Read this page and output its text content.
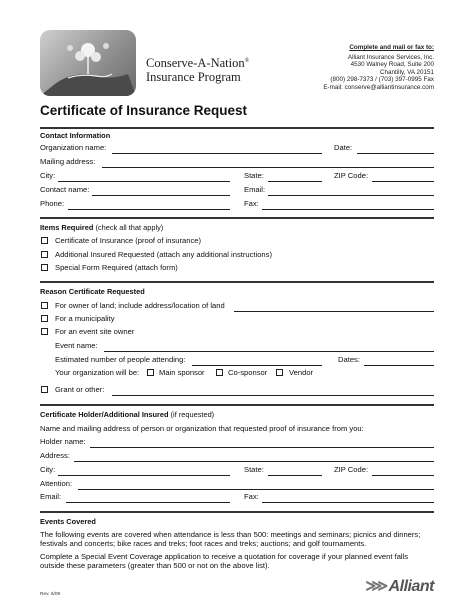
Conserve-A-Nation®
Insurance Program
Complete and mail or fax to:
Alliant Insurance Services, Inc.
4530 Walney Road, Suite 200
Chantilly, VA 20151
(800) 298-7373 / (703) 397-0995 Fax
E-mail: conserve@alliantinsurance.com
Certificate of Insurance Request
Contact Information
Organization name:	Date:
Mailing address:
City:	State:	ZIP Code:
Contact name:	Email:
Phone:	Fax:
Items Required (check all that apply)
Certificate of Insurance (proof of insurance)
Additional Insured Requested (attach any additional instructions)
Special Form Required (attach form)
Reason Certificate Requested
For owner of land; include address/location of land
For a municipality
For an event site owner
Event name:
Estimated number of people attending:	Dates:
Your organization will be:	Main sponsor	Co-sponsor	Vendor
Grant or other:
Certificate Holder/Additional Insured (if requested)
Name and mailing address of person or organization that requested proof of insurance from you:
Holder name:
Address:
City:	State:	ZIP Code:
Attention:
Email:	Fax:
Events Covered
The following events are covered when attendance is less than 500: meetings and seminars; picnics and dinners; festivals and concerts; bike races and treks; foot races and treks; auctions; and golf tournaments.
Complete a Special Event Coverage application to receive a quotation for coverage if your planned event falls outside these parameters (greater than 500 or not on the above list).
Rev. 6/09	⋙Alliant
